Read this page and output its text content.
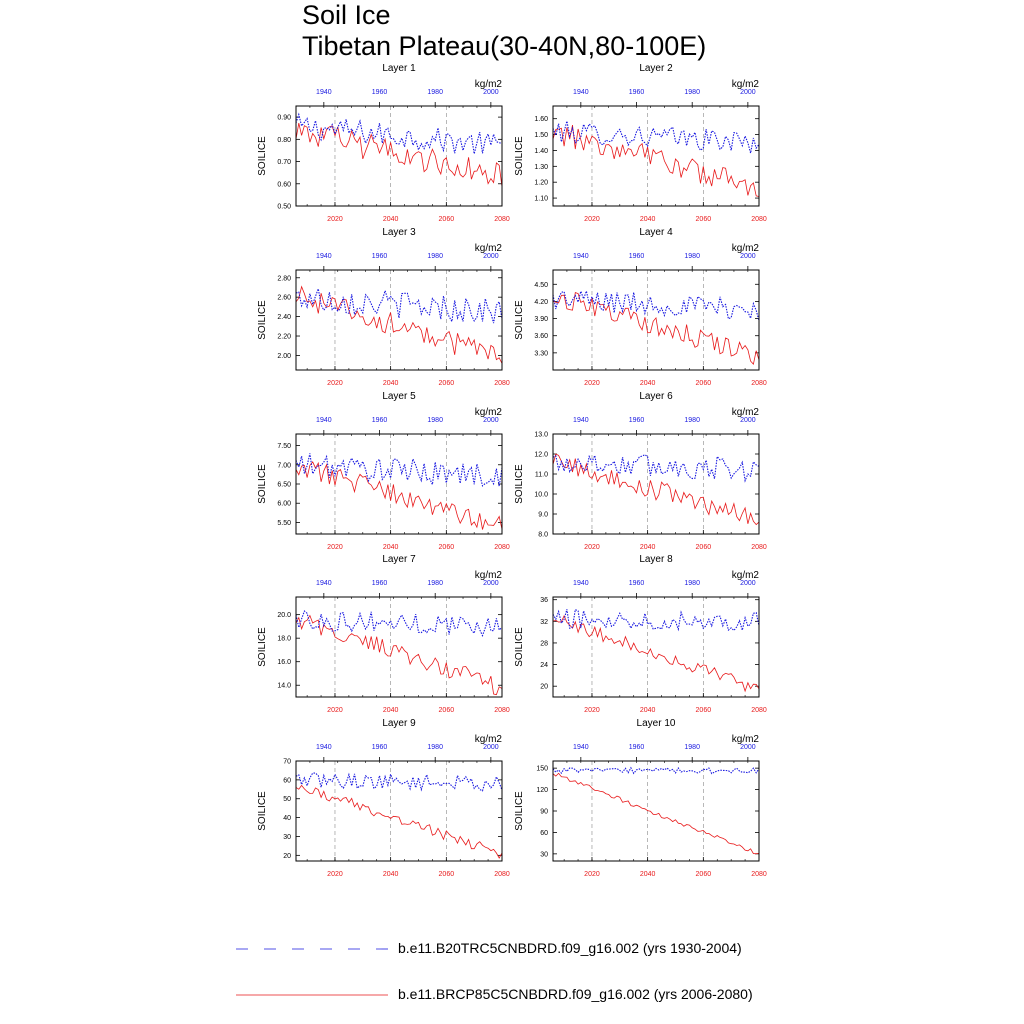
Soil Ice
Tibetan Plateau(30-40N,80-100E)
Layer 1
kg/m2
SOILICE
2020	2040	2060	2080
1940	1960	1980	2000
0.50
0.60
0.70
0.80
0.90
Layer 2
kg/m2
SOILICE
2020	2040	2060	2080
1940	1960	1980	2000
1.10
1.20
1.30
1.40
1.50
1.60
Layer 3
kg/m2
SOILICE
2020	2040	2060	2080
1940	1960	1980	2000
2.00
2.20
2.40
2.60
2.80
Layer 4
kg/m2
SOILICE
2020	2040	2060	2080
1940	1960	1980	2000
3.30
3.60
3.90
4.20
4.50
Layer 5
kg/m2
SOILICE
2020	2040	2060	2080
1940	1960	1980	2000
5.50
6.00
6.50
7.00
7.50
Layer 6
kg/m2
SOILICE
2020	2040	2060	2080
1940	1960	1980	2000
8.0
9.0
10.0
11.0
12.0
13.0
Layer 7
kg/m2
SOILICE
2020	2040	2060	2080
1940	1960	1980	2000
14.0
16.0
18.0
20.0
Layer 8
kg/m2
SOILICE
2020	2040	2060	2080
1940	1960	1980	2000
20
24
28
32
36
Layer 9
kg/m2
SOILICE
2020	2040	2060	2080
1940	1960	1980	2000
20
30
40
50
60
70
Layer 10
kg/m2
SOILICE
2020	2040	2060	2080
1940	1960	1980	2000
30
60
90
120
150
b.e11.B20TRC5CNBDRD.f09_g16.002 (yrs 1930-2004)
b.e11.BRCP85C5CNBDRD.f09_g16.002 (yrs 2006-2080)
